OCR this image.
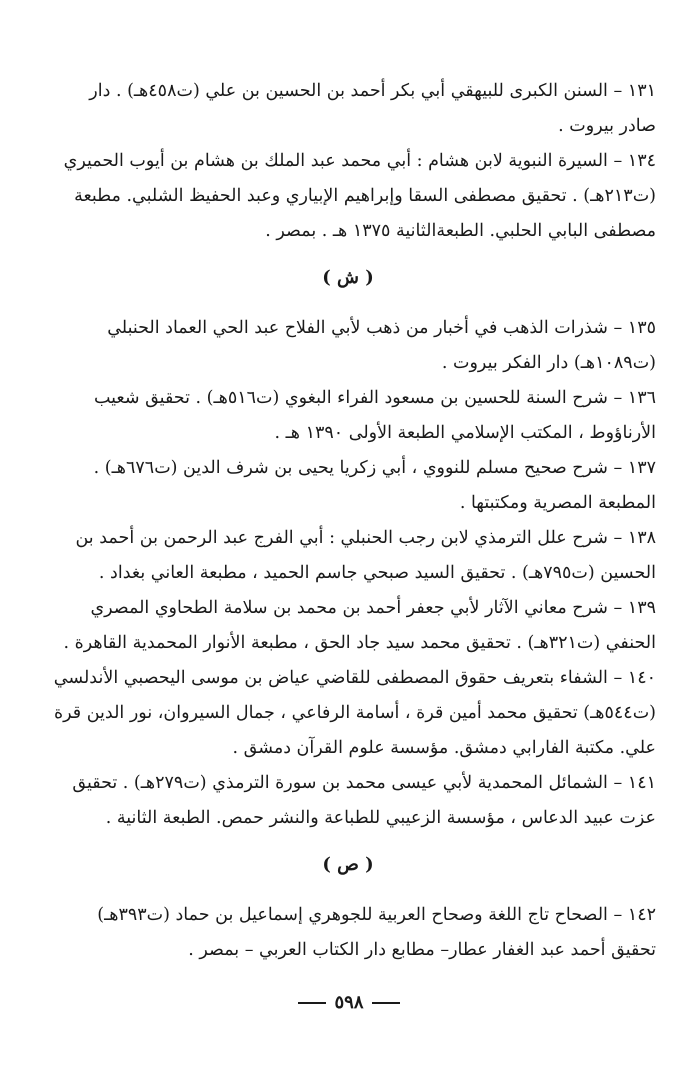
١٣١ – السنن الكبرى للبيهقي أبي بكر أحمد بن الحسين بن علي (ت٤٥٨هـ) . دار
صادر بيروت .
١٣٤ – السيرة النبوية لابن هشام : أبي محمد عبد الملك بن هشام بن أيوب الحميري
(ت٢١٣هـ) . تحقيق مصطفى السقا وإبراهيم الإبياري وعبد الحفيظ الشلبي. مطبعة
مصطفى البابي الحلبي. الطبعةالثانية ١٣٧٥ هـ . بمصر .
( ش )
١٣٥ – شذرات الذهب في أخبار من ذهب لأبي الفلاح عبد الحي العماد الحنبلي
(ت١٠٨٩هـ) دار الفكر بيروت .
١٣٦ – شرح السنة للحسين بن مسعود الفراء البغوي (ت٥١٦هـ) . تحقيق شعيب
الأرناؤوط ، المكتب الإسلامي الطبعة الأولى ١٣٩٠ هـ .
١٣٧ – شرح صحيح مسلم للنووي ، أبي زكريا يحيى بن شرف الدين (ت٦٧٦هـ) .
المطبعة المصرية ومكتبتها .
١٣٨ – شرح علل الترمذي لابن رجب الحنبلي : أبي الفرج عبد الرحمن بن أحمد بن
الحسين (ت٧٩٥هـ) . تحقيق السيد صبحي جاسم الحميد ، مطبعة العاني بغداد .
١٣٩ – شرح معاني الآثار لأبي جعفر أحمد بن محمد بن سلامة الطحاوي المصري
الحنفي (ت٣٢١هـ) . تحقيق محمد سيد جاد الحق ، مطبعة الأنوار المحمدية القاهرة .
١٤٠ – الشفاء بتعريف حقوق المصطفى للقاضي عياض بن موسى اليحصبي الأندلسي
(ت٥٤٤هـ) تحقيق محمد أمين قرة ، أسامة الرفاعي ، جمال السيروان، نور الدين قرة
علي. مكتبة الفارابي دمشق. مؤسسة علوم القرآن دمشق .
١٤١ – الشمائل المحمدية لأبي عيسى محمد بن سورة الترمذي (ت٢٧٩هـ) . تحقيق
عزت عبيد الدعاس ، مؤسسة الزعيبي للطباعة والنشر حمص. الطبعة الثانية .
( ص )
١٤٢ – الصحاح تاج اللغة وصحاح العربية للجوهري إسماعيل بن حماد (ت٣٩٣هـ)
تحقيق أحمد عبد الغفار عطار– مطابع دار الكتاب العربي – بمصر .
٥٩٨
